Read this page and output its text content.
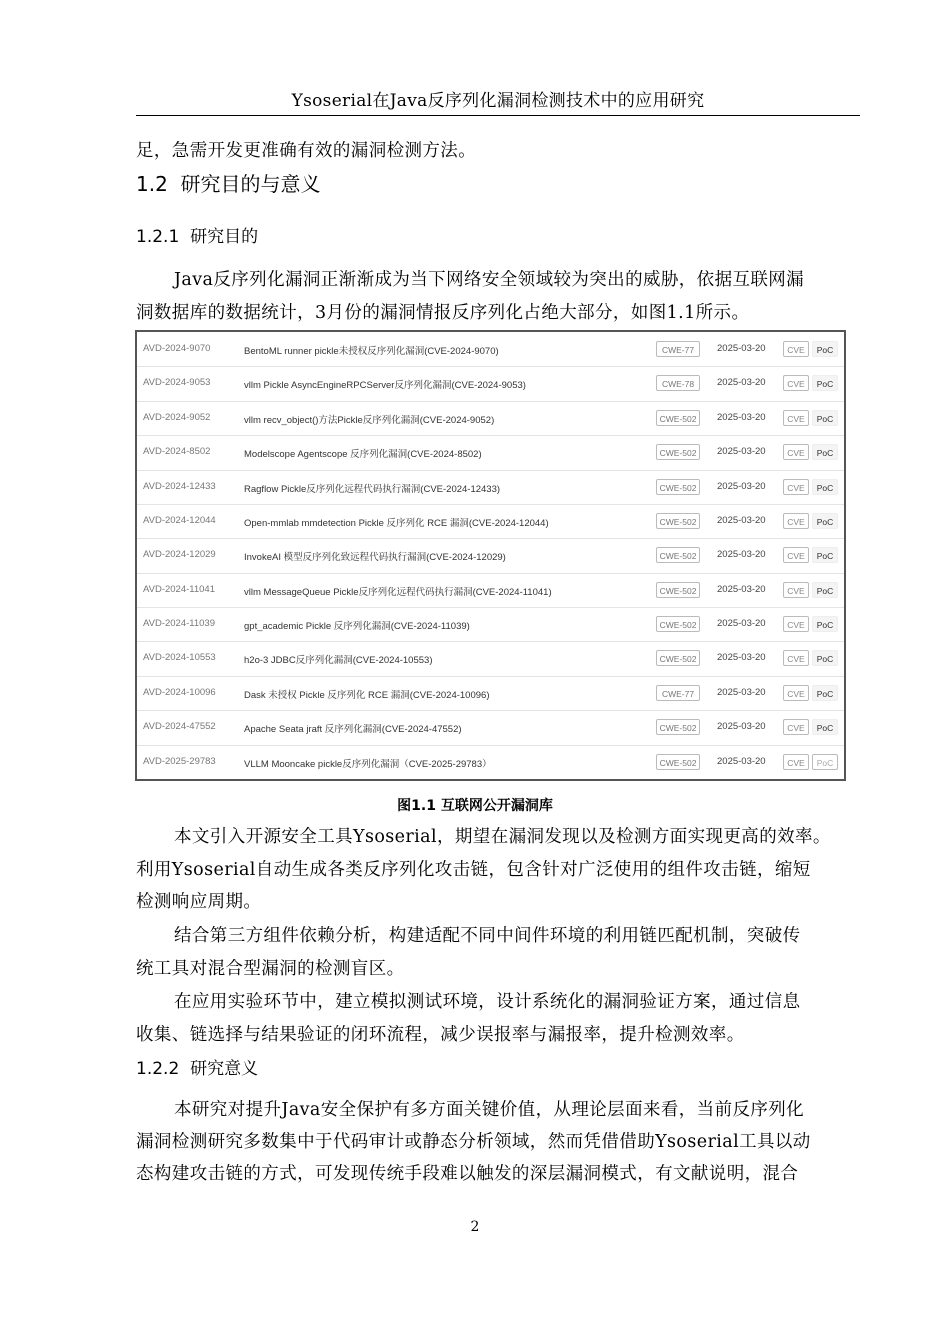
Ysoserial在Java反序列化漏洞检测技术中的应用研究
足，急需开发更准确有效的漏洞检测方法。
1.2 研究目的与意义
1.2.1 研究目的
Java反序列化漏洞正渐渐成为当下网络安全领域较为突出的威胁，依据互联网漏
洞数据库的数据统计，3月份的漏洞情报反序列化占绝大部分，如图1.1所示。
AVD-2024-9070	BentoML runner pickle未授权反序列化漏洞(CVE-2024-9070)	CWE-77	2025-03-20	CVE	PoC
AVD-2024-9053	vllm Pickle AsyncEngineRPCServer反序列化漏洞(CVE-2024-9053)	CWE-78	2025-03-20	CVE	PoC
AVD-2024-9052	vllm recv_object()方法Pickle反序列化漏洞(CVE-2024-9052)	CWE-502	2025-03-20	CVE	PoC
AVD-2024-8502	Modelscope Agentscope 反序列化漏洞(CVE-2024-8502)	CWE-502	2025-03-20	CVE	PoC
AVD-2024-12433	Ragflow Pickle反序列化远程代码执行漏洞(CVE-2024-12433)	CWE-502	2025-03-20	CVE	PoC
AVD-2024-12044	Open-mmlab mmdetection Pickle 反序列化 RCE 漏洞(CVE-2024-12044)	CWE-502	2025-03-20	CVE	PoC
AVD-2024-12029	InvokeAI 模型反序列化致远程代码执行漏洞(CVE-2024-12029)	CWE-502	2025-03-20	CVE	PoC
AVD-2024-11041	vllm MessageQueue Pickle反序列化远程代码执行漏洞(CVE-2024-11041)	CWE-502	2025-03-20	CVE	PoC
AVD-2024-11039	gpt_academic Pickle 反序列化漏洞(CVE-2024-11039)	CWE-502	2025-03-20	CVE	PoC
AVD-2024-10553	h2o-3 JDBC反序列化漏洞(CVE-2024-10553)	CWE-502	2025-03-20	CVE	PoC
AVD-2024-10096	Dask 未授权 Pickle 反序列化 RCE 漏洞(CVE-2024-10096)	CWE-77	2025-03-20	CVE	PoC
AVD-2024-47552	Apache Seata jraft 反序列化漏洞(CVE-2024-47552)	CWE-502	2025-03-20	CVE	PoC
AVD-2025-29783	VLLM Mooncake pickle反序列化漏洞（CVE-2025-29783）	CWE-502	2025-03-20	CVE	PoC
图1.1 互联网公开漏洞库
本文引入开源安全工具Ysoserial，期望在漏洞发现以及检测方面实现更高的效率。
利用Ysoserial自动生成各类反序列化攻击链，包含针对广泛使用的组件攻击链，缩短
检测响应周期。
结合第三方组件依赖分析，构建适配不同中间件环境的利用链匹配机制，突破传
统工具对混合型漏洞的检测盲区。
在应用实验环节中，建立模拟测试环境，设计系统化的漏洞验证方案，通过信息
收集、链选择与结果验证的闭环流程，减少误报率与漏报率，提升检测效率。
1.2.2 研究意义
本研究对提升Java安全保护有多方面关键价值，从理论层面来看，当前反序列化
漏洞检测研究多数集中于代码审计或静态分析领域，然而凭借借助Ysoserial工具以动
态构建攻击链的方式，可发现传统手段难以触发的深层漏洞模式，有文献说明，混合
2
